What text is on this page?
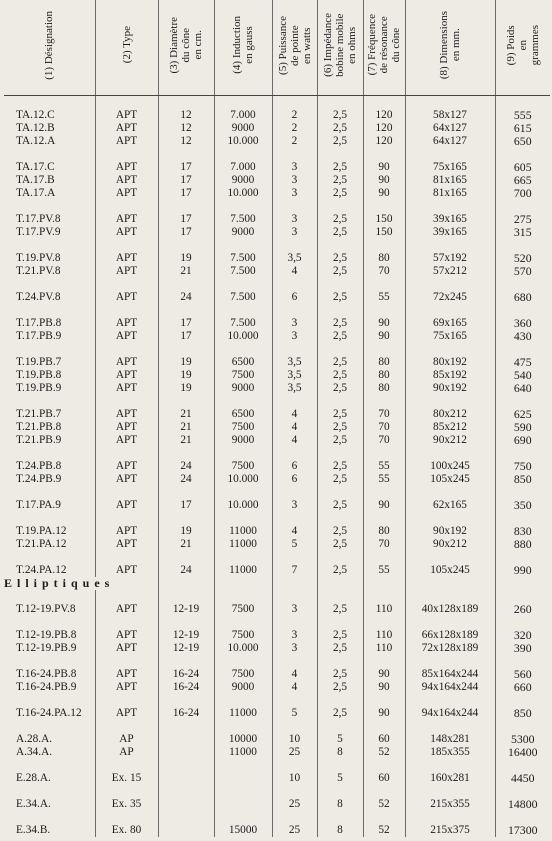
(1) Désignation	(2) Type	(3) Diamètre
du cône
en cm.	(4) Induction
en gauss	(5) Puissance
de pointe
en watts	(6) Impédance
bobine mobile
en ohms	(7) Fréquence
de résonance
du cône	(8) Dimensions
en mm.	(9) Poids
en
grammes

TA.12.C	APT	12	7.000	2	2,5	120	58x127	555
TA.12.B	APT	12	9000	2	2,5	120	64x127	615
TA.12.A	APT	12	10.000	2	2,5	120	64x127	650

TA.17.C	APT	17	7.000	3	2,5	90	75x165	605
TA.17.B	APT	17	9000	3	2,5	90	81x165	665
TA.17.A	APT	17	10.000	3	2,5	90	81x165	700

T.17.PV.8	APT	17	7.500	3	2,5	150	39x165	275
T.17.PV.9	APT	17	9000	3	2,5	150	39x165	315

T.19.PV.8	APT	19	7.500	3,5	2,5	80	57x192	520
T.21.PV.8	APT	21	7.500	4	2,5	70	57x212	570

T.24.PV.8	APT	24	7.500	6	2,5	55	72x245	680

T.17.PB.8	APT	17	7.500	3	2,5	90	69x165	360
T.17.PB.9	APT	17	10.000	3	2,5	90	75x165	430

T.19.PB.7	APT	19	6500	3,5	2,5	80	80x192	475
T.19.PB.8	APT	19	7500	3,5	2,5	80	85x192	540
T.19.PB.9	APT	19	9000	3,5	2,5	80	90x192	640

T.21.PB.7	APT	21	6500	4	2,5	70	80x212	625
T.21.PB.8	APT	21	7500	4	2,5	70	85x212	590
T.21.PB.9	APT	21	9000	4	2,5	70	90x212	690

T.24.PB.8	APT	24	7500	6	2,5	55	100x245	750
T.24.PB.9	APT	24	10.000	6	2,5	55	105x245	850

T.17.PA.9	APT	17	10.000	3	2,5	90	62x165	350

T.19.PA.12	APT	19	11000	4	2,5	80	90x192	830
T.21.PA.12	APT	21	11000	5	2,5	70	90x212	880

T.24.PA.12	APT	24	11000	7	2,5	55	105x245	990
Elliptiques								

T.12-19.PV.8	APT	12-19	7500	3	2,5	110	40x128x189	260

T.12-19.PB.8	APT	12-19	7500	3	2,5	110	66x128x189	320
T.12-19.PB.9	APT	12-19	10.000	3	2,5	110	72x128x189	390

T.16-24.PB.8	APT	16-24	7500	4	2,5	90	85x164x244	560
T.16-24.PB.9	APT	16-24	9000	4	2,5	90	94x164x244	660

T.16-24.PA.12	APT	16-24	11000	5	2,5	90	94x164x244	850

A.28.A.	AP		10000	10	5	60	148x281	5300
A.34.A.	AP		11000	25	8	52	185x355	16400

E.28.A.	Ex. 15			10	5	60	160x281	4450

E.34.A.	Ex. 35			25	8	52	215x355	14800

E.34.B.	Ex. 80		15000	25	8	52	215x375	17300
